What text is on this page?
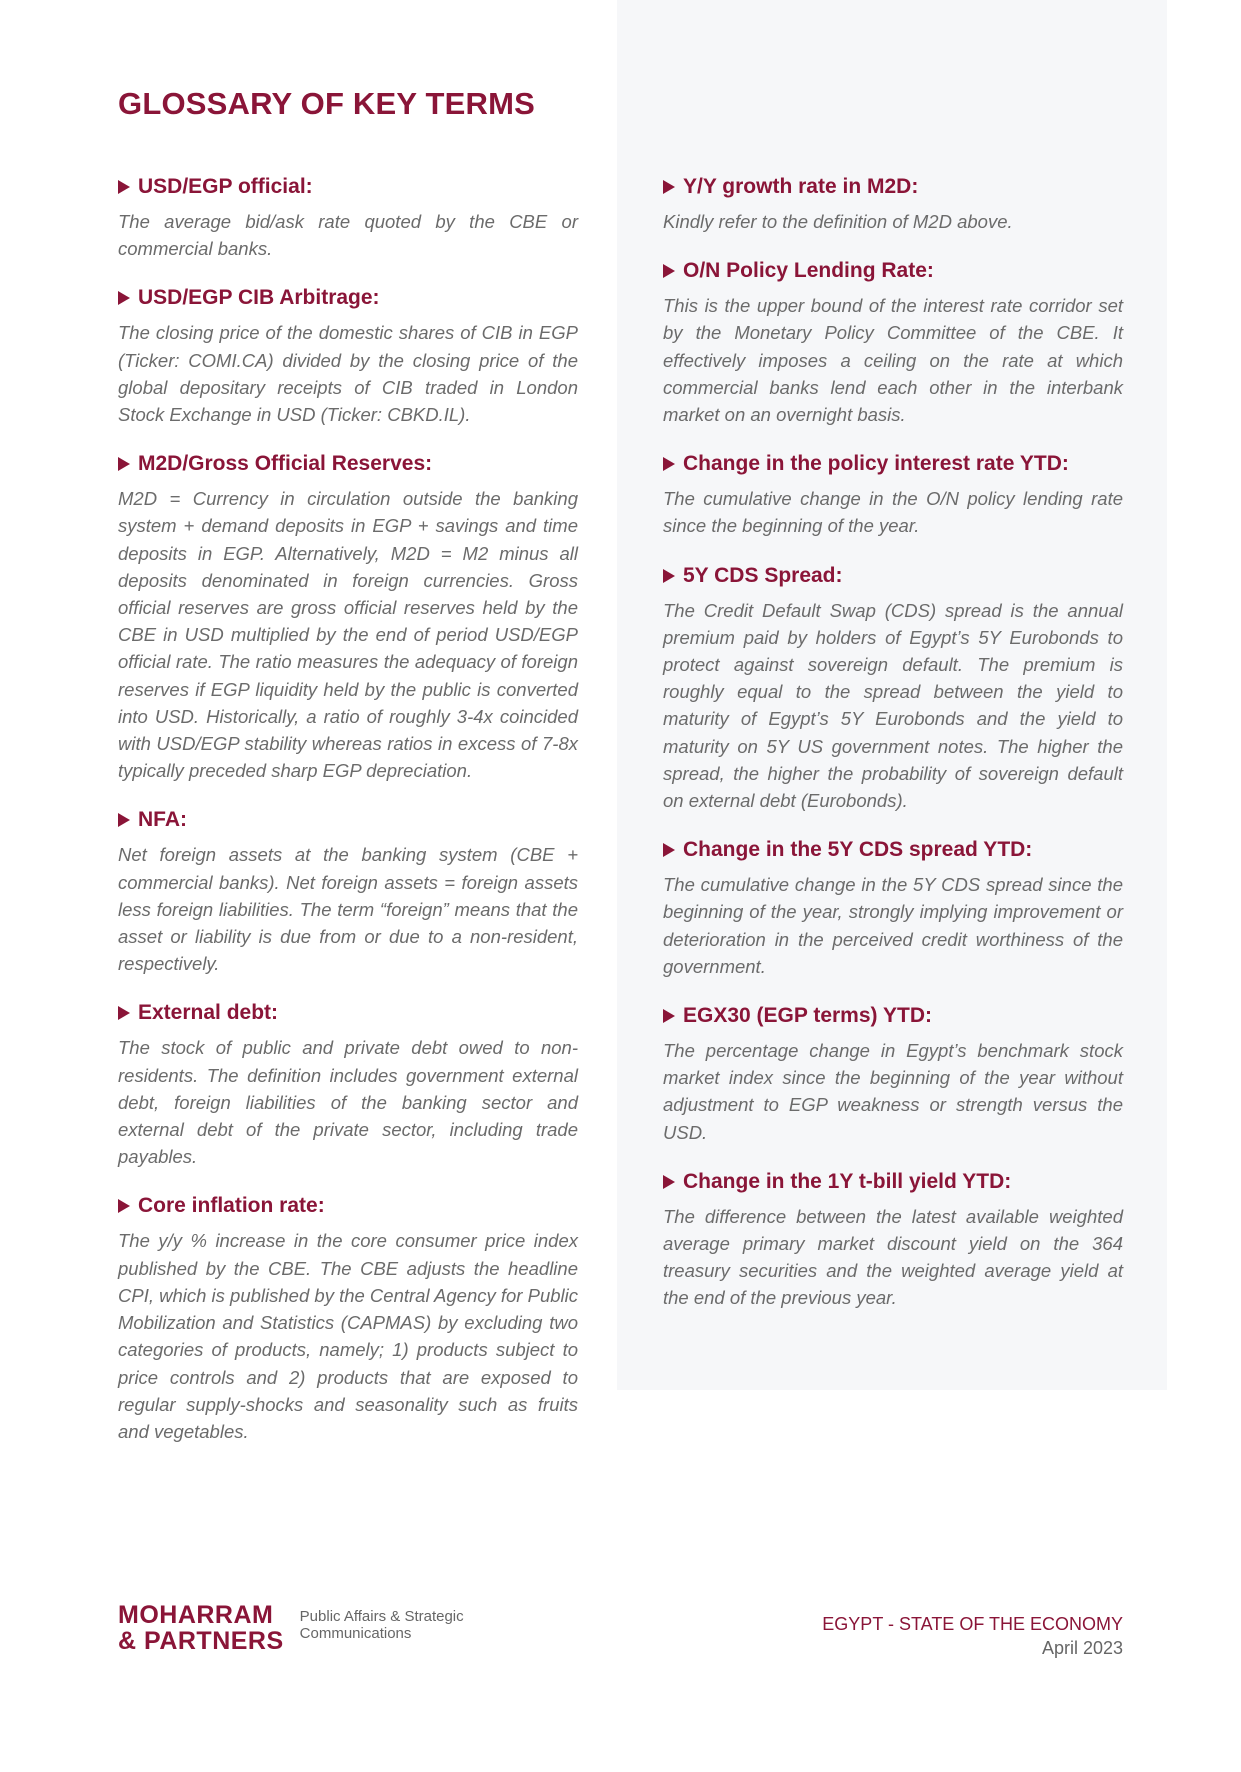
GLOSSARY OF KEY TERMS
USD/EGP official:

The average bid/ask rate quoted by the CBE or commercial banks.

USD/EGP CIB Arbitrage:

The closing price of the domestic shares of CIB in EGP (Ticker: COMI.CA) divided by the closing price of the global depositary receipts of CIB traded in London Stock Exchange in USD (Ticker: CBKD.IL).

M2D/Gross Official Reserves:

M2D = Currency in circulation outside the banking system + demand deposits in EGP + savings and time deposits in EGP. Alternatively, M2D = M2 minus all deposits denominated in foreign currencies. Gross official reserves are gross official reserves held by the CBE in USD multiplied by the end of period USD/EGP official rate. The ratio measures the adequacy of foreign reserves if EGP liquidity held by the public is converted into USD. Historically, a ratio of roughly 3-4x coincided with USD/EGP stability whereas ratios in excess of 7-8x typically preceded sharp EGP depreciation.

NFA:

Net foreign assets at the banking system (CBE + commercial banks). Net foreign assets = foreign assets less foreign liabilities. The term “foreign” means that the asset or liability is due from or due to a non-resident, respectively.

External debt:

The stock of public and private debt owed to non-residents. The definition includes government external debt, foreign liabilities of the banking sector and external debt of the private sector, including trade payables.

Core inflation rate:

The y/y % increase in the core consumer price index published by the CBE. The CBE adjusts the headline CPI, which is published by the Central Agency for Public Mobilization and Statistics (CAPMAS) by excluding two categories of products, namely; 1) products subject to price controls and 2) products that are exposed to regular supply-shocks and seasonality such as fruits and vegetables.

Y/Y growth rate in M2D:

Kindly refer to the definition of M2D above.

O/N Policy Lending Rate:

This is the upper bound of the interest rate corridor set by the Monetary Policy Committee of the CBE. It effectively imposes a ceiling on the rate at which commercial banks lend each other in the interbank market on an overnight basis.

Change in the policy interest rate YTD:

The cumulative change in the O/N policy lending rate since the beginning of the year.

5Y CDS Spread:

The Credit Default Swap (CDS) spread is the annual premium paid by holders of Egypt’s 5Y Eurobonds to protect against sovereign default. The premium is roughly equal to the spread between the yield to maturity of Egypt’s 5Y Eurobonds and the yield to maturity on 5Y US government notes. The higher the spread, the higher the probability of sovereign default on external debt (Eurobonds).

Change in the 5Y CDS spread YTD:

The cumulative change in the 5Y CDS spread since the beginning of the year, strongly implying improvement or deterioration in the perceived credit worthiness of the government.

EGX30 (EGP terms) YTD:

The percentage change in Egypt’s benchmark stock market index since the beginning of the year without adjustment to EGP weakness or strength versus the USD.

Change in the 1Y t-bill yield YTD:

The difference between the latest available weighted average primary market discount yield on the 364 treasury securities and the weighted average yield at the end of the previous year.

MOHARRAM
& PARTNERS
Public Affairs & Strategic
Communications	EGYPT - STATE OF THE ECONOMY
April 2023
